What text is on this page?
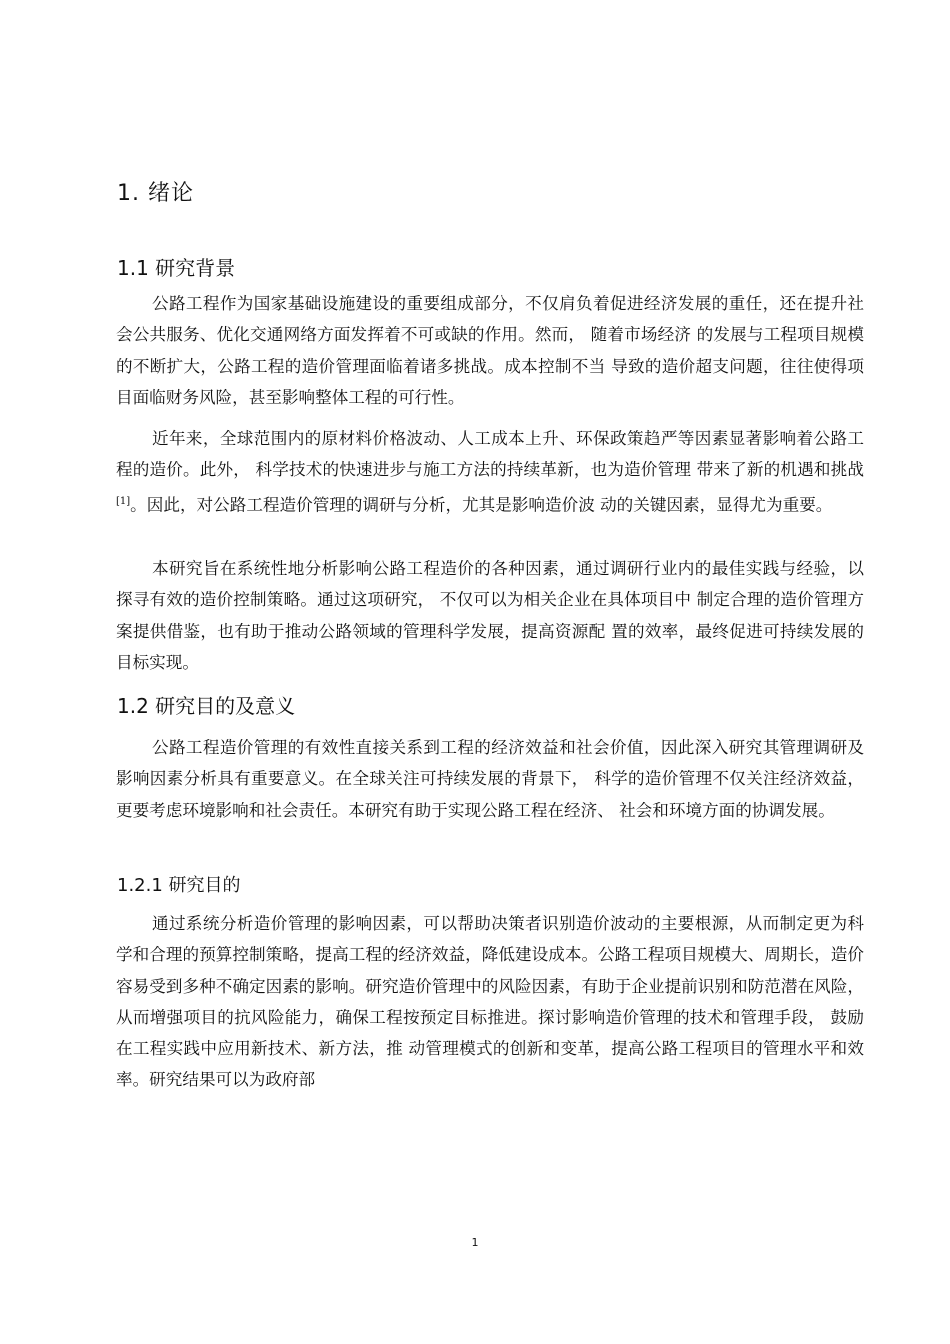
1. 绪论
1.1 研究背景

公路工程作为国家基础设施建设的重要组成部分，不仅肩负着促进经济发展的重任，还在提升社会公共服务、优化交通网络方面发挥着不可或缺的作用。然而， 随着市场经济 的发展与工程项目规模的不断扩大，公路工程的造价管理面临着诸多挑战。成本控制不当 导致的造价超支问题，往往使得项目面临财务风险，甚至影响整体工程的可行性。

近年来，全球范围内的原材料价格波动、人工成本上升、环保政策趋严等因素显著影响着公路工程的造价。此外， 科学技术的快速进步与施工方法的持续革新，也为造价管理 带来了新的机遇和挑战[1]。因此，对公路工程造价管理的调研与分析，尤其是影响造价波 动的关键因素，显得尤为重要。

本研究旨在系统性地分析影响公路工程造价的各种因素，通过调研行业内的最佳实践与经验，以探寻有效的造价控制策略。通过这项研究， 不仅可以为相关企业在具体项目中 制定合理的造价管理方案提供借鉴，也有助于推动公路领域的管理科学发展，提高资源配 置的效率，最终促进可持续发展的目标实现。

1.2 研究目的及意义

公路工程造价管理的有效性直接关系到工程的经济效益和社会价值，因此深入研究其管理调研及影响因素分析具有重要意义。在全球关注可持续发展的背景下， 科学的造价管理不仅关注经济效益，更要考虑环境影响和社会责任。本研究有助于实现公路工程在经济、 社会和环境方面的协调发展。

1.2.1 研究目的

通过系统分析造价管理的影响因素，可以帮助决策者识别造价波动的主要根源，从而制定更为科学和合理的预算控制策略，提高工程的经济效益，降低建设成本。公路工程项目规模大、周期长，造价容易受到多种不确定因素的影响。研究造价管理中的风险因素，有助于企业提前识别和防范潜在风险，从而增强项目的抗风险能力，确保工程按预定目标推进。探讨影响造价管理的技术和管理手段， 鼓励在工程实践中应用新技术、新方法，推 动管理模式的创新和变革，提高公路工程项目的管理水平和效率。研究结果可以为政府部

1
